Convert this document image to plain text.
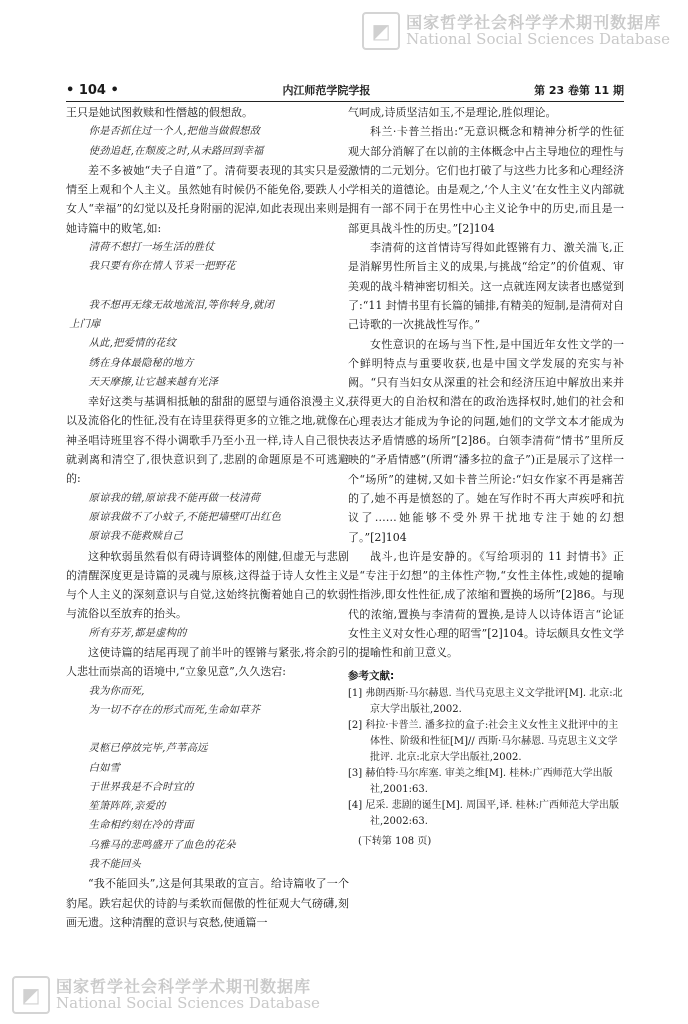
◩ 国家哲学社会科学学术期刊数据库
National Social Sciences Database
◩ 国家哲学社会科学学术期刊数据库
National Social Sciences Database
• 104 •	内江师范学院学报	第 23 卷第 11 期

王只是她试图救赎和性僭越的假想敌。

你是否抓住过一个人,把他当做假想敌

使劲追赶,在颓废之时,从未路回到幸福

差不多被她“夫子自道”了。清荷要表现的其实只是爱情至上观和个人主义。虽然她有时候仍不能免俗,要跌人小女人“幸福”的幻觉以及托身附丽的泥淖,如此表现出来则是她诗篇中的败笔,如:

清荷不想打一场生活的胜仗

我只要有你在情人节采一把野花

我不想再无缘无故地流泪,等你转身,就闭

上门扉

从此,把爱情的花纹

绣在身体最隐秘的地方

天天摩擦,让它越来越有光泽

幸好这类与基调相抵触的甜甜的愿望与通俗浪漫主义,以及流俗化的性征,没有在诗里获得更多的立锥之地,就像在神圣唱诗班里容不得小调歌手乃至小丑一样,诗人自己很快就剥离和清空了,很快意识到了,悲剧的命题原是不可逃避的:

原谅我的错,原谅我不能再做一枝清荷

原谅我做不了小蚊子,不能把墙壁叮出红色

原谅我不能救赎自己

这种软弱虽然看似有碍诗调整体的刚健,但虚无与悲剧的清醒深度更是诗篇的灵魂与原核,这得益于诗人女性主义与个人主义的深刻意识与自觉,这始终抗衡着她自己的软弱与流俗以至放弃的抬头。

所有芬芳,都是虚构的

这使诗篇的结尾再现了前半叶的铿锵与紧张,将余韵引人悲壮而崇高的语境中,“立象见意”,久久迭宕:

我为你而死,

为一切不存在的形式而死,生命如草芥

灵柩已停放完毕,芦苇高远

白如雪

于世界我是不合时宜的

笙箫阵阵,亲爱的

生命相约刻在冷的背面

乌雅马的悲鸣盛开了血色的花朵

我不能回头

“我不能回头”,这是何其果敢的宣言。给诗篇收了一个豹尾。跌宕起伏的诗韵与柔软而倔傲的性征观大气磅礴,刻画无遗。这种清醒的意识与哀愁,使通篇一

气呵成,诗质坚洁如玉,不是理论,胜似理论。

科兰·卡普兰指出:“无意识概念和精神分析学的性征观大部分消解了在以前的主体概念中占主导地位的理性与激情的二元划分。它们也打破了与这些力比多和心理经济学相关的道德论。由是观之,‘个人主义’在女性主义内部就拥有一部不同于在男性中心主义论争中的历史,而且是一部更具战斗性的历史。”[2]104

李清荷的这首情诗写得如此铿锵有力、激关湍飞,正是消解男性所旨主义的成果,与挑战“给定”的价值观、审美观的战斗精神密切相关。这一点就连网友读者也感觉到了:“11 封情书里有长篇的铺排,有精美的短制,是清荷对自己诗歌的一次挑战性写作。”

女性意识的在场与当下性,是中国近年女性文学的一个鲜明特点与重要收获,也是中国文学发展的充实与补阙。“只有当妇女从深重的社会和经济压迫中解放出来并获得更大的自治权和潜在的政治选择权时,她们的社会和心理表达才能成为争论的问题,她们的文学文本才能成为表达矛盾情感的场所”[2]86。白领李清荷“情书”里所反映的“矛盾情感”(所谓“潘多拉的盒子”)正是展示了这样一个“场所”的建树,又如卡普兰所论:“妇女作家不再是痛苦的了,她不再是愤怒的了。她在写作时不再大声疾呼和抗议了……她能够不受外界干扰地专注于她的幻想了。”[2]104

战斗,也许是安静的。《写给项羽的 11 封情书》正是“专注于幻想”的主体性产物,“女性主体性,或她的提喻性指涉,即女性性征,成了浓缩和置换的场所”[2]86。与现代的浓缩,置换与李清荷的置换,是诗人以诗体语言“论证女性主义对女性心理的昭雪”[2]104。诗坛颇具女性文学的提喻性和前卫意义。

参考文献:

[1] 弗朗西斯·马尔赫恩. 当代马克思主义文学批评[M]. 北京:北京大学出版社,2002.

[2] 科拉·卡普兰. 潘多拉的盒子:社会主义女性主义批评中的主体性、阶级和性征[M]// 西斯·马尔赫恩. 马克思主义文学批评. 北京:北京大学出版社,2002.

[3] 赫伯特·马尔库塞. 审美之维[M]. 桂林:广西师范大学出版社,2001:63.

[4] 尼采. 悲剧的诞生[M]. 周国平,译. 桂林:广西师范大学出版社,2002:63.

(下转第 108 页)
